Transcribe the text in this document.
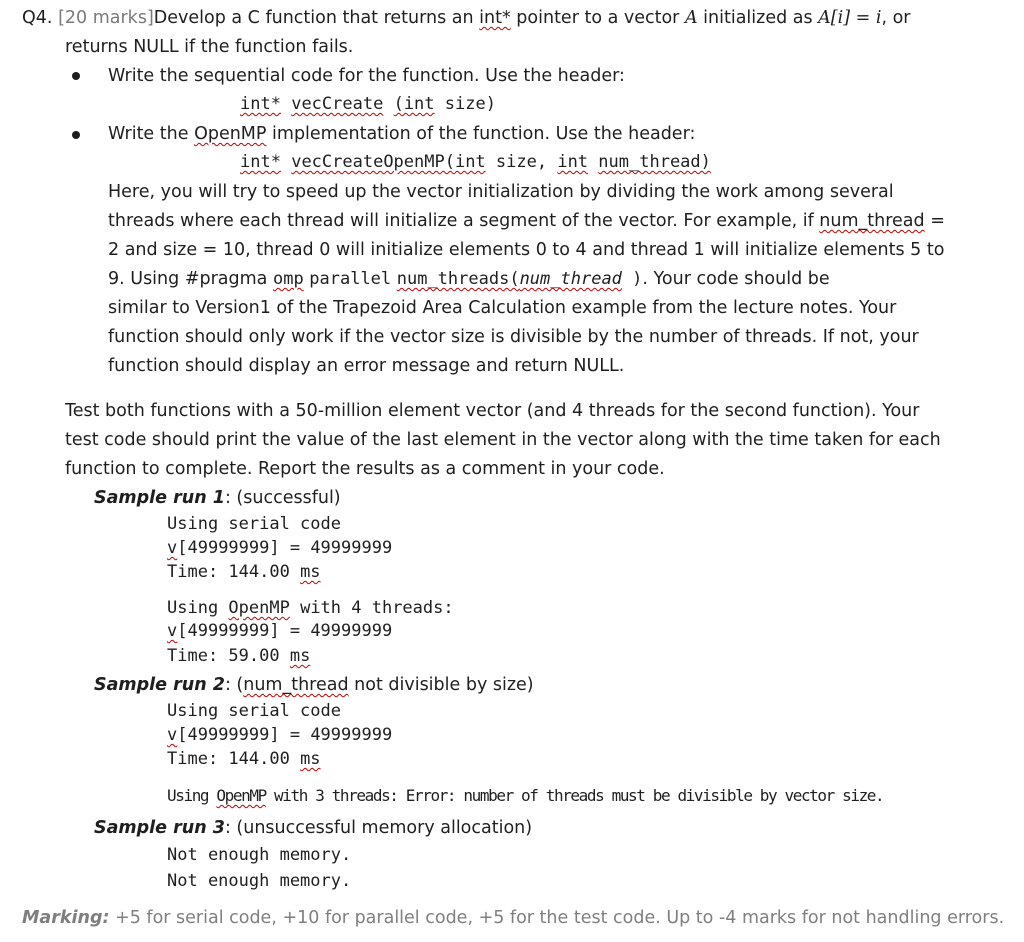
Q4. [20 marks]Develop a C function that returns an int* pointer to a vector A initialized as A[i] = i, or
returns NULL if the function fails.
Write the sequential code for the function. Use the header:
int* vecCreate (int size)
Write the OpenMP implementation of the function. Use the header:
int* vecCreateOpenMP(int size, int num_thread)
Here, you will try to speed up the vector initialization by dividing the work among several
threads where each thread will initialize a segment of the vector. For example, if num_thread =
2 and size = 10, thread 0 will initialize elements 0 to 4 and thread 1 will initialize elements 5 to
9. Using #pragma omp parallel num_threads(num_thread ). Your code should be
similar to Version1 of the Trapezoid Area Calculation example from the lecture notes. Your
function should only work if the vector size is divisible by the number of threads. If not, your
function should display an error message and return NULL.
Test both functions with a 50-million element vector (and 4 threads for the second function). Your
test code should print the value of the last element in the vector along with the time taken for each
function to complete. Report the results as a comment in your code.
Sample run 1: (successful)
Using serial code
v[49999999] = 49999999
Time: 144.00 ms
Using OpenMP with 4 threads:
v[49999999] = 49999999
Time: 59.00 ms
Sample run 2: (num_thread not divisible by size)
Using serial code
v[49999999] = 49999999
Time: 144.00 ms
Using OpenMP with 3 threads: Error: number of threads must be divisible by vector size.
Sample run 3: (unsuccessful memory allocation)
Not enough memory.
Not enough memory.
Marking: +5 for serial code, +10 for parallel code, +5 for the test code. Up to -4 marks for not handling errors.
